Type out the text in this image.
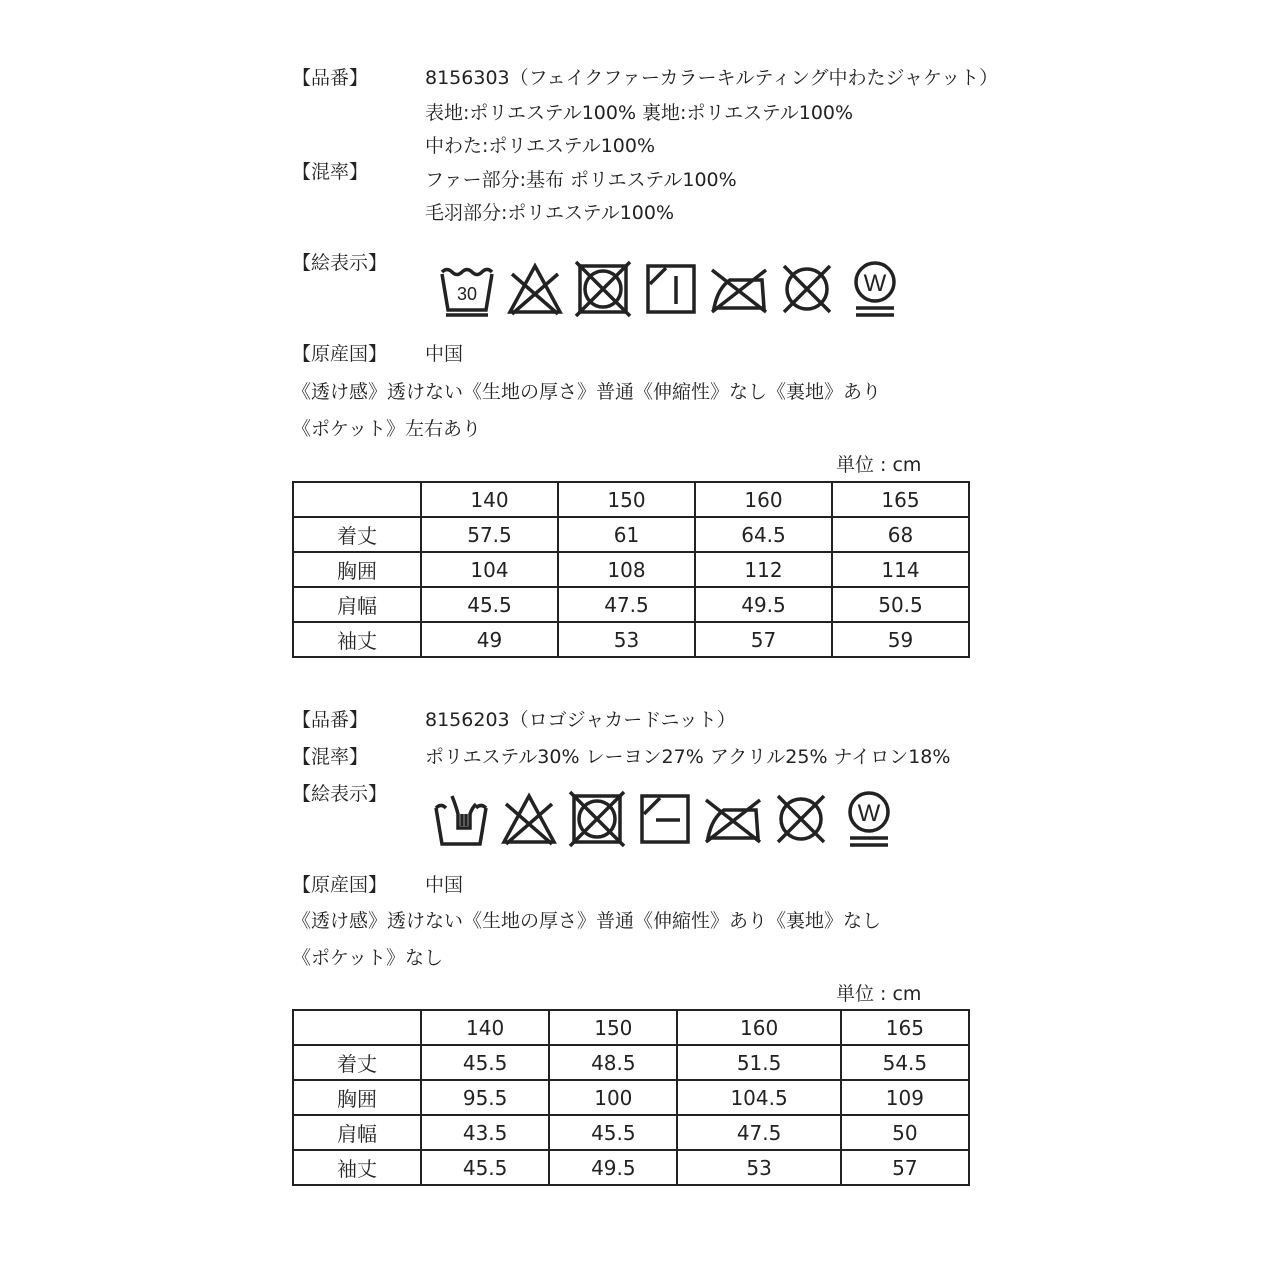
【品番】	8156303（フェイクファーカラーキルティング中わたジャケット）
表地:ポリエステル100% 裏地:ポリエステル100%
中わた:ポリエステル100%
【混率】	ファー部分:基布 ポリエステル100%
毛羽部分:ポリエステル100%
【絵表示】
30	W
【原産国】 中国
《透け感》透けない《生地の厚さ》普通《伸縮性》なし《裏地》あり
《ポケット》左右あり
単位 : cm
	140	150	160	165
着丈	57.5	61	64.5	68
胸囲	104	108	112	114
肩幅	45.5	47.5	49.5	50.5
袖丈	49	53	57	59
【品番】	8156203（ロゴジャカードニット）
【混率】	ポリエステル30% レーヨン27% アクリル25% ナイロン18%
【絵表示】
W
【原産国】 中国
《透け感》透けない《生地の厚さ》普通《伸縮性》あり《裏地》なし
《ポケット》なし
単位 : cm
	140	150	160	165
着丈	45.5	48.5	51.5	54.5
胸囲	95.5	100	104.5	109
肩幅	43.5	45.5	47.5	50
袖丈	45.5	49.5	53	57
